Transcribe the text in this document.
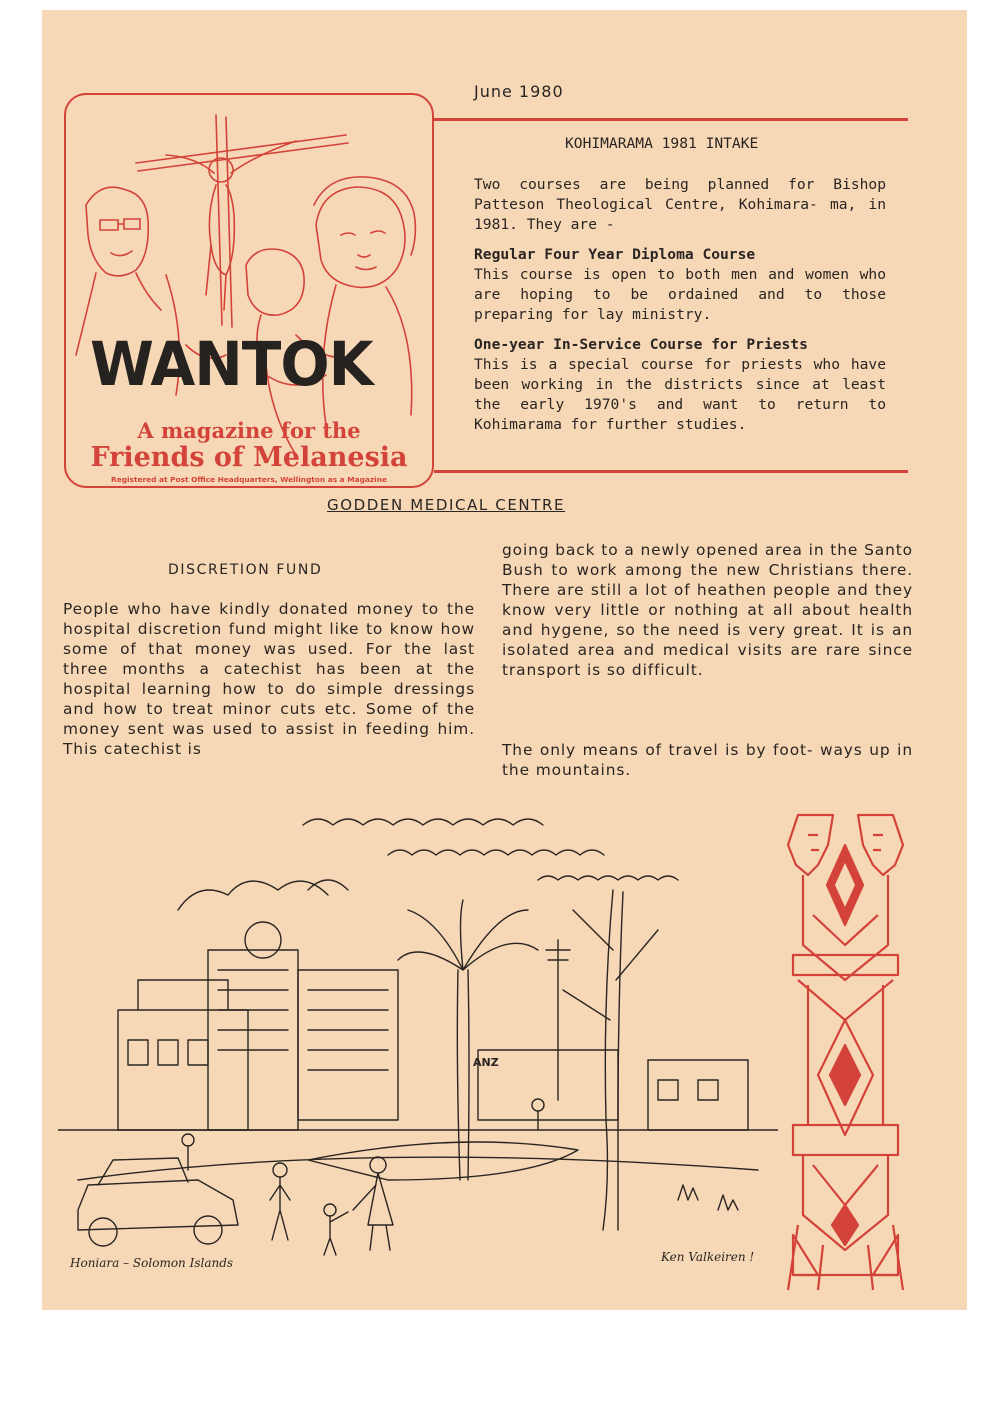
June 1980
WANTOK
A magazine for the
Friends of Melanesia
Registered at Post Office Headquarters, Wellington as a Magazine
KOHIMARAMA 1981 INTAKE
Two courses are being planned for Bishop Patteson Theological Centre, Kohimara- ma, in 1981. They are -
Regular Four Year Diploma Course
This course is open to both men and women who are hoping to be ordained and to those preparing for lay ministry.
One-year In-Service Course for Priests
This is a special course for priests who have been working in the districts since at least the early 1970's and want to return to Kohimarama for further studies.
GODDEN MEDICAL CENTRE
DISCRETION FUND
People who have kindly donated money to the hospital discretion fund might like to know how some of that money was used. For the last three months a catechist has been at the hospital learning how to do simple dressings and how to treat minor cuts etc. Some of the money sent was used to assist in feeding him. This catechist is
going back to a newly opened area in the Santo Bush to work among the new Christians there. There are still a lot of heathen people and they know very little or nothing at all about health and hygene, so the need is very great. It is an isolated area and medical visits are rare since transport is so difficult.
The only means of travel is by foot- ways up in the mountains.
ANZ
Honiara – Solomon Islands	Ken Valkeiren !
